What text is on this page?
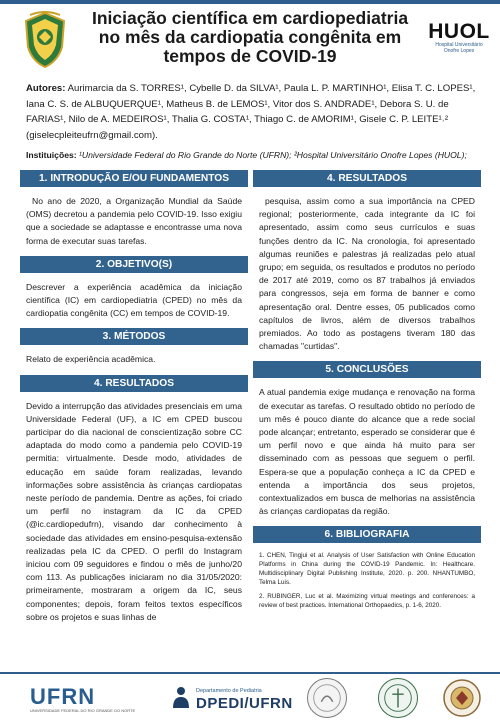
Iniciação científica em cardiopediatria no mês da cardiopatia congênita em tempos de COVID-19
HUOL
Hospital Universitário
Onofre Lopes
Autores: Aurimarcia da S. TORRES¹, Cybelle D. da SILVA¹, Paula L. P. MARTINHO¹, Elisa T. C. LOPES¹, Iana C. S. de ALBUQUERQUE¹, Matheus B. de LEMOS¹, Vitor dos S. ANDRADE¹, Debora S. U. de FARIAS¹, Nilo de A. MEDEIROS¹, Thalia G. COSTA¹, Thiago C. de AMORIM¹, Gisele C. P. LEITE¹˒² (giselecpleiteufrn@gmail.com).
Instituições: ¹Universidade Federal do Rio Grande do Norte (UFRN); ²Hospital Universitário Onofre Lopes (HUOL);
1. INTRODUÇÃO E/OU FUNDAMENTOS

No ano de 2020, a Organização Mundial da Saúde (OMS) decretou a pandemia pelo COVID-19. Isso exigiu que a sociedade se adaptasse e encontrasse uma nova forma de executar suas tarefas.

2. OBJETIVO(S)

Descrever a experiência acadêmica da iniciação científica (IC) em cardiopediatria (CPED) no mês da cardiopatia congênita (CC) em tempos de COVID-19.

3. MÉTODOS

Relato de experiência acadêmica.

4. RESULTADOS

Devido a interrupção das atividades presenciais em uma Universidade Federal (UF), a IC em CPED buscou participar do dia nacional de conscientização sobre CC adaptada do modo como a pandemia pelo COVID-19 permitia: virtualmente. Desde modo, atividades de educação em saúde foram realizadas, levando informações sobre assistência às crianças cardiopatas neste período de pandemia. Dentre as ações, foi criado um perfil no instagram da IC da CPED (@ic.cardiopedufrn), visando dar conhecimento à sociedade das atividades em ensino-pesquisa-extensão realizadas pela IC da CPED. O perfil do Instagram iniciou com 09 seguidores e findou o mês de junho/20 com 113. As publicações iniciaram no dia 31/05/2020: primeiramente, mostraram a origem da IC, seus componentes; depois, foram feitos textos específicos sobre os projetos e suas linhas de

4. RESULTADOS

pesquisa, assim como a sua importância na CPED regional; posteriormente, cada integrante da IC foi apresentado, assim como seus currículos e suas funções dentro da IC. Na cronologia, foi apresentado algumas reuniões e palestras já realizadas pelo atual grupo; em seguida, os resultados e produtos no período de 2017 até 2019, como os 87 trabalhos já enviados para congressos, seja em forma de banner e como apresentação oral. Dentre esses, 05 publicados como capítulos de livros, além de diversos trabalhos premiados. Ao todo as postagens tiveram 180 das chamadas "curtidas".

5. CONCLUSÕES

A atual pandemia exige mudança e renovação na forma de executar as tarefas. O resultado obtido no período de um mês é pouco diante do alcance que a rede social pode alcançar; entretanto, esperado se considerar que é um perfil novo e que ainda há muito para ser disseminado com as pessoas que seguem o perfil. Espera-se que a população conheça a IC da CPED e entenda a importância dos seus projetos, contextualizados em busca de melhorias na assistência às crianças cardiopatas da região.

6. BIBLIOGRAFIA

1. CHEN, Tingjui et al. Analysis of User Satisfaction with Online Education Platforms in China during the COVID-19 Pandemic. In: Healthcare. Multidisciplinary Digital Publishing Institute, 2020. p. 200. NHANTUMBO, Telma Luis.

2. RUBINGER, Luc et al. Maximizing virtual meetings and conferences: a review of best practices. International Orthopaedics, p. 1-6, 2020.

UFRN
UNIVERSIDADE FEDERAL DO RIO GRANDE DO NORTE
Departamento de Pediatria
DPEDI/UFRN
